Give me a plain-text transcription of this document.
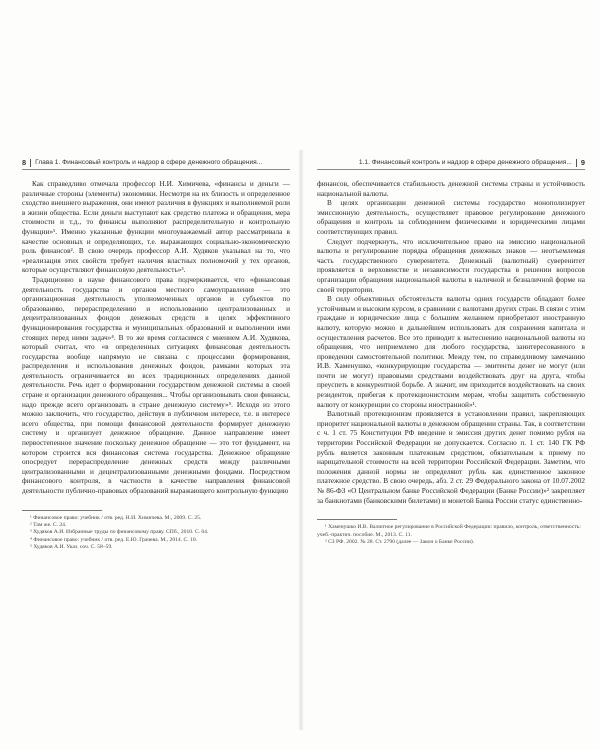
8 Глава 1. Финансовый контроль и надзор в сфере денежного обращения...

Как справедливо отмечала профессор Н.И. Химичева, «финансы и деньги — различные стороны (элементы) экономики. Несмотря на их близость и определенное сходство внешнего выражения, они имеют различия в функциях и выполняемой роли в жизни общества. Если деньги выступают как средство платежа и обращения, мера стоимости и т.д., то финансы выполняют распределительную и контрольную функции»¹. Именно указанные функции многоуважаемый автор рассматривала в качестве основных и определяющих, т.е. выражающих социально-экономическую роль финансов². В свою очередь профессор А.И. Худяков указывал на то, что «реализация этих свойств требует наличия властных полномочий у тех органов, которые осуществляют финансовую деятельность»³.

Традиционно в науке финансового права подчеркивается, что «финансовая деятельность государства и органов местного самоуправления — это организационная деятельность уполномоченных органов и субъектов по образованию, перераспределению и использованию централизованных и децентрализованных фондов денежных средств в целях эффективного функционирования государства и муниципальных образований и выполнении ими стоящих перед ними задач»⁴. В то же время согласимся с мнением А.И. Худякова, который считал, что «в определенных ситуациях финансовая деятельность государства вообще напрямую не связана с процессами формирования, распределения и использования денежных фондов, рамками которых эта деятельность ограничивается во всех традиционных определениях данной деятельности. Речь идет о формировании государством денежной системы в своей стране и организации денежного обращения... Чтобы организовывать свои финансы, надо прежде всего организовать в стране денежную систему»⁵. Исходя из этого можно заключить, что государство, действуя в публичном интересе, т.е. в интересе всего общества, при помощи финансовой деятельности формирует денежную систему и организует денежное обращение. Данное направление имеет первостепенное значение поскольку денежное обращение — это тот фундамент, на котором строится вся финансовая система государства. Денежное обращение опосредует перераспределение денежных средств между различными централизованными и децентрализованными денежными фондами. Посредством финансового контроля, в частности в качестве направления финансовой деятельности публично-правовых образований выражающего контрольную функцию

¹ Финансовое право: учебник / отв. ред. Н.И. Химичева. М., 2009. С. 25.

² Там же. С. 24.

³ Худяков А.И. Избранные труды по финансовому праву. СПб., 2010. С. 64.

⁴ Финансовое право: учебник / отв. ред. Е.Ю. Грачева. М., 2014. С. 10.

⁵ Худяков А.И. Указ. соч. С. 58–59.

1.1. Финансовый контроль и надзор в сфере денежного обращения... 9

финансов, обеспечивается стабильность денежной системы страны и устойчивость национальной валюты.

В целях организации денежной системы государство монополизирует эмиссионную деятельность, осуществляет правовое регулирование денежного обращения и контроль за соблюдением физическими и юридическими лицами соответствующих правил.

Следует подчеркнуть, что исключительное право на эмиссию национальной валюты и регулирование порядка обращения денежных знаков — неотъемлемая часть государственного суверенитета. Денежный (валютный) суверенитет проявляется в верховенстве и независимости государства в решении вопросов организации обращения национальной валюты в наличной и безналичной форме на своей территории.

В силу объективных обстоятельств валюты одних государств обладают более устойчивым и высоким курсом, в сравнении с валютами других стран. В связи с этим граждане и юридические лица с большим желанием приобретают иностранную валюту, которую можно в дальнейшем использовать для сохранения капитала и осуществления расчетов. Все это приводит к вытеснению национальной валюты из обращения, что неприемлемо для любого государства, заинтересованного в проведении самостоятельной политики. Между тем, по справедливому замечанию И.В. Хаменушко, «конкурирующие государства — эмитенты денег не могут (или почти не могут) правовыми средствами воздействовать друг на друга, чтобы преуспеть в конкурентной борьбе. А значит, им приходится воздействовать на своих резидентов, прибегая к протекционистским мерам, чтобы защитить собственную валюту от конкуренции со стороны иностранной»¹.

Валютный протекционизм проявляется в установлении правил, закрепляющих приоритет национальной валюты в денежном обращении страны. Так, в соответствии с ч. 1 ст. 75 Конституции РФ введение и эмиссия других денег помимо рубля на территории Российской Федерации не допускается. Согласно п. 1 ст. 140 ГК РФ рубль является законным платежным средством, обязательным к приему по нарицательной стоимости на всей территории Российской Федерации. Заметим, что положения данной нормы не определяют рубль как единственное законное платежное средство. В свою очередь, абз. 2 ст. 29 Федерального закона от 10.07.2002 № 86-ФЗ «О Центральном банке Российской Федерации (Банке России)»² закрепляет за банкнотами (банковскими билетами) и монетой Банка России статус единственно-

¹ Хаменушко И.В. Валютное регулирование в Российской Федерации: правило, контроль, ответственность: учеб.-практич. пособие. М., 2013. С. 11.

² СЗ РФ. 2002. № 28. Ст. 2790 (далее — Закон о Банке России).
